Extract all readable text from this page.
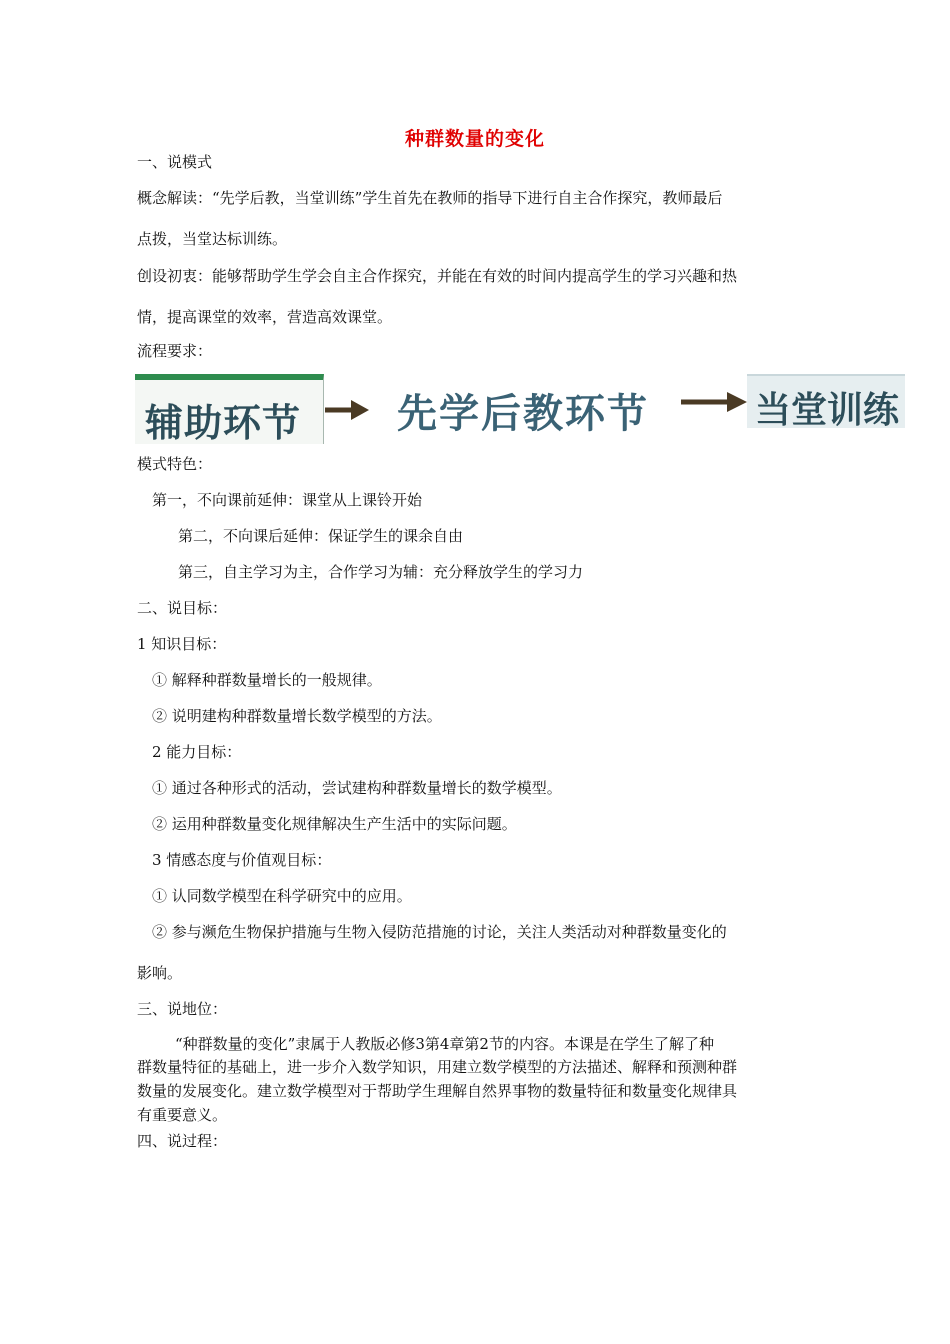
种群数量的变化
一、说模式
概念解读：“先学后教，当堂训练”学生首先在教师的指导下进行自主合作探究，教师最后
点拨，当堂达标训练。
创设初衷：能够帮助学生学会自主合作探究，并能在有效的时间内提高学生的学习兴趣和热
情，提高课堂的效率，营造高效课堂。
流程要求：
辅助环节 先学后教环节	当堂训练
模式特色：
第一，不向课前延伸：课堂从上课铃开始
第二，不向课后延伸：保证学生的课余自由
第三，自主学习为主，合作学习为辅：充分释放学生的学习力
二、说目标：
1 知识目标：
① 解释种群数量增长的一般规律。
② 说明建构种群数量增长数学模型的方法。
2 能力目标：
① 通过各种形式的活动，尝试建构种群数量增长的数学模型。
② 运用种群数量变化规律解决生产生活中的实际问题。
3 情感态度与价值观目标：
① 认同数学模型在科学研究中的应用。
② 参与濒危生物保护措施与生物入侵防范措施的讨论，关注人类活动对种群数量变化的
影响。
三、说地位：
“种群数量的变化”隶属于人教版必修3第4章第2节的内容。本课是在学生了解了种
群数量特征的基础上，进一步介入数学知识，用建立数学模型的方法描述、解释和预测种群
数量的发展变化。建立数学模型对于帮助学生理解自然界事物的数量特征和数量变化规律具
有重要意义。
四、说过程：
